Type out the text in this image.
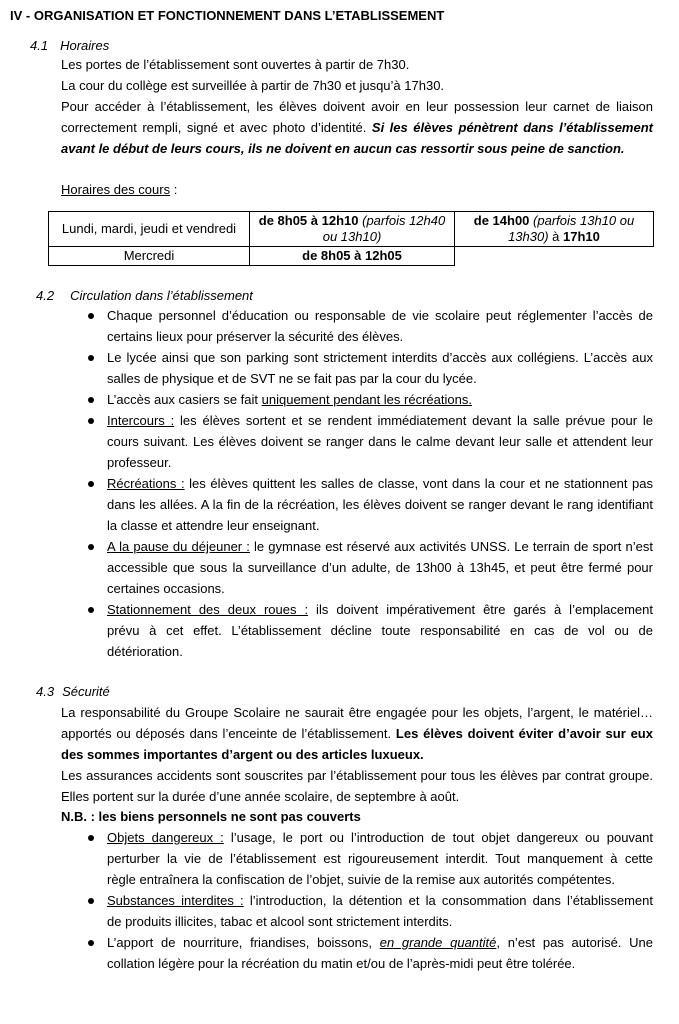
IV - ORGANISATION ET FONCTIONNEMENT DANS L’ETABLISSEMENT
4.1 Horaires
Les portes de l’établissement sont ouvertes à partir de 7h30.
La cour du collège est surveillée à partir de 7h30 et jusqu’à 17h30.
Pour accéder à l’établissement, les élèves doivent avoir en leur possession leur carnet de liaison
correctement rempli, signé et avec photo d’identité. Si les élèves pénètrent dans l’établissement
avant le début de leurs cours, ils ne doivent en aucun cas ressortir sous peine de sanction.
Horaires des cours :
Lundi, mardi, jeudi et vendredi	de 8h05 à 12h10 (parfois 12h40
ou 13h10)	de 14h00 (parfois 13h10 ou
13h30) à 17h10
Mercredi	de 8h05 à 12h05	
4.2 Circulation dans l’établissement
Chaque personnel d’éducation ou responsable de vie scolaire peut réglementer l’accès de
certains lieux pour préserver la sécurité des élèves.
Le lycée ainsi que son parking sont strictement interdits d’accès aux collégiens. L’accès aux
salles de physique et de SVT ne se fait pas par la cour du lycée.
L’accès aux casiers se fait uniquement pendant les récréations.
Intercours : les élèves sortent et se rendent immédiatement devant la salle prévue pour le
cours suivant. Les élèves doivent se ranger dans le calme devant leur salle et attendent leur
professeur.
Récréations : les élèves quittent les salles de classe, vont dans la cour et ne stationnent pas
dans les allées. A la fin de la récréation, les élèves doivent se ranger devant le rang identifiant
la classe et attendre leur enseignant.
A la pause du déjeuner : le gymnase est réservé aux activités UNSS. Le terrain de sport n’est
accessible que sous la surveillance d’un adulte, de 13h00 à 13h45, et peut être fermé pour
certaines occasions.
Stationnement des deux roues : ils doivent impérativement être garés à l’emplacement
prévu à cet effet. L’établissement décline toute responsabilité en cas de vol ou de
détérioration.
4.3 Sécurité
La responsabilité du Groupe Scolaire ne saurait être engagée pour les objets, l’argent, le matériel…
apportés ou déposés dans l’enceinte de l’établissement. Les élèves doivent éviter d’avoir sur eux
des sommes importantes d’argent ou des articles luxueux.
Les assurances accidents sont souscrites par l’établissement pour tous les élèves par contrat groupe.
Elles portent sur la durée d’une année scolaire, de septembre à août.
N.B. : les biens personnels ne sont pas couverts
Objets dangereux : l’usage, le port ou l’introduction de tout objet dangereux ou pouvant
perturber la vie de l’établissement est rigoureusement interdit. Tout manquement à cette
règle entraînera la confiscation de l’objet, suivie de la remise aux autorités compétentes.
Substances interdites : l’introduction, la détention et la consommation dans l’établissement
de produits illicites, tabac et alcool sont strictement interdits.
L’apport de nourriture, friandises, boissons, en grande quantité, n’est pas autorisé. Une
collation légère pour la récréation du matin et/ou de l’après-midi peut être tolérée.
